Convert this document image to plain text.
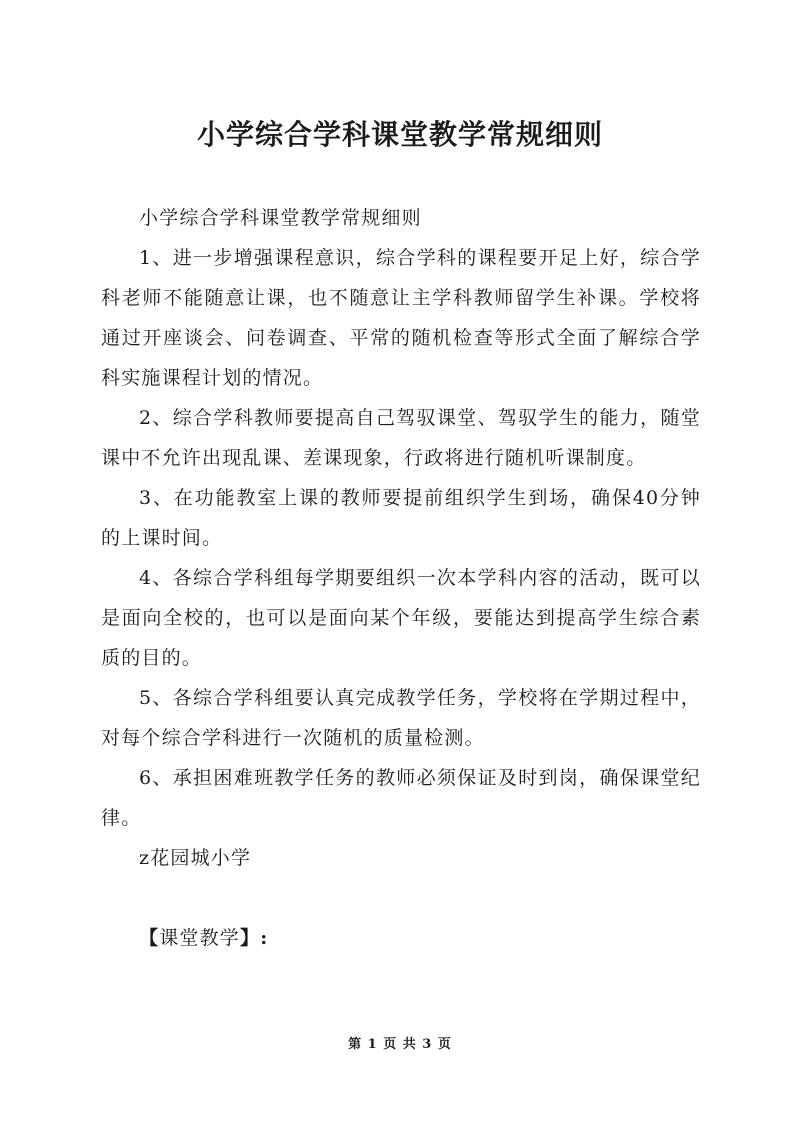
小学综合学科课堂教学常规细则

小学综合学科课堂教学常规细则

1、进一步增强课程意识，综合学科的课程要开足上好，综合学科老师不能随意让课，也不随意让主学科教师留学生补课。学校将通过开座谈会、问卷调查、平常的随机检查等形式全面了解综合学科实施课程计划的情况。

2、综合学科教师要提高自己驾驭课堂、驾驭学生的能力，随堂课中不允许出现乱课、差课现象，行政将进行随机听课制度。

3、在功能教室上课的教师要提前组织学生到场，确保40分钟的上课时间。

4、各综合学科组每学期要组织一次本学科内容的活动，既可以是面向全校的，也可以是面向某个年级，要能达到提高学生综合素质的目的。

5、各综合学科组要认真完成教学任务，学校将在学期过程中，对每个综合学科进行一次随机的质量检测。

6、承担困难班教学任务的教师必须保证及时到岗，确保课堂纪律。

z花园城小学

【课堂教学】:

第 1 页 共 3 页
